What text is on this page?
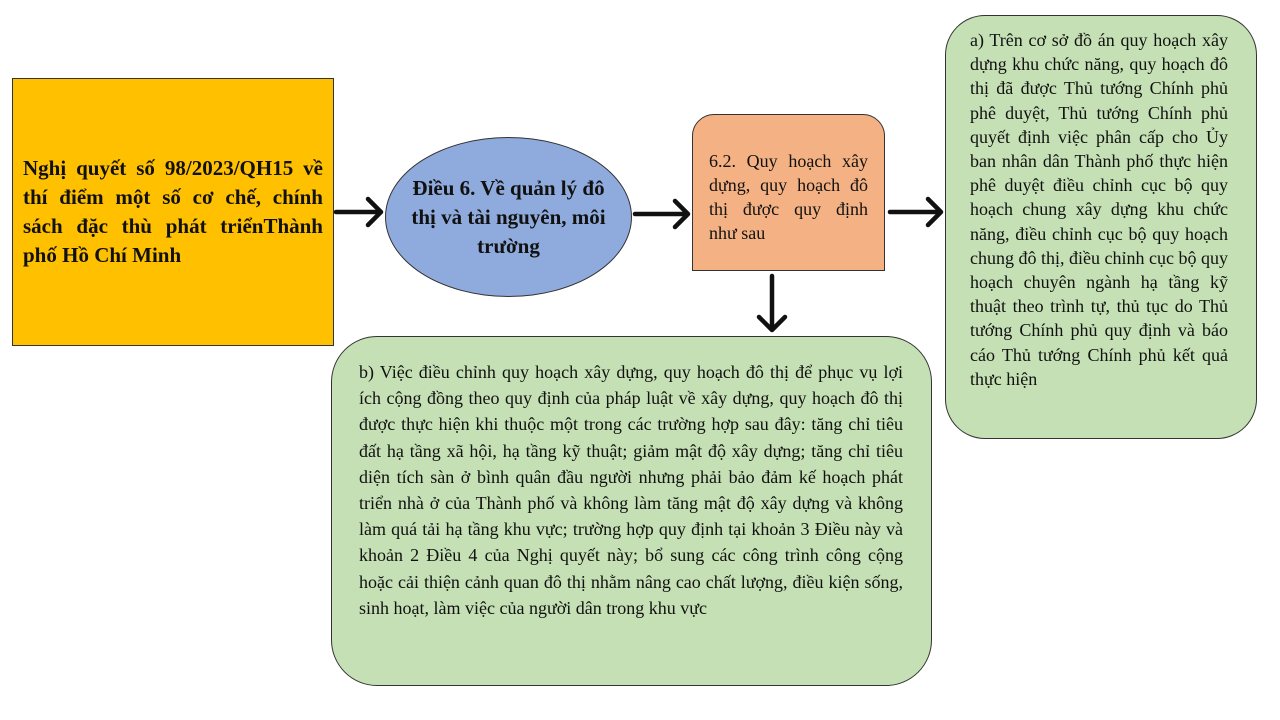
Nghị quyết số 98/2023/QH15 về thí điểm một số cơ chế, chính sách đặc thù phát triểnThành phố Hồ Chí Minh
Điều 6. Về quản lý đô thị và tài nguyên, môi trường
6.2. Quy hoạch xây dựng, quy hoạch đô thị được quy định như sau
a) Trên cơ sở đồ án quy hoạch xây dựng khu chức năng, quy hoạch đô thị đã được Thủ tướng Chính phủ phê duyệt, Thủ tướng Chính phủ quyết định việc phân cấp cho Ủy ban nhân dân Thành phố thực hiện phê duyệt điều chỉnh cục bộ quy hoạch chung xây dựng khu chức năng, điều chỉnh cục bộ quy hoạch chung đô thị, điều chỉnh cục bộ quy hoạch chuyên ngành hạ tầng kỹ thuật theo trình tự, thủ tục do Thủ tướng Chính phủ quy định và báo cáo Thủ tướng Chính phủ kết quả thực hiện
b) Việc điều chỉnh quy hoạch xây dựng, quy hoạch đô thị để phục vụ lợi ích cộng đồng theo quy định của pháp luật về xây dựng, quy hoạch đô thị được thực hiện khi thuộc một trong các trường hợp sau đây: tăng chỉ tiêu đất hạ tầng xã hội, hạ tầng kỹ thuật; giảm mật độ xây dựng; tăng chỉ tiêu diện tích sàn ở bình quân đầu người nhưng phải bảo đảm kế hoạch phát triển nhà ở của Thành phố và không làm tăng mật độ xây dựng và không làm quá tải hạ tầng khu vực; trường hợp quy định tại khoản 3 Điều này và khoản 2 Điều 4 của Nghị quyết này; bổ sung các công trình công cộng hoặc cải thiện cảnh quan đô thị nhằm nâng cao chất lượng, điều kiện sống, sinh hoạt, làm việc của người dân trong khu vực
